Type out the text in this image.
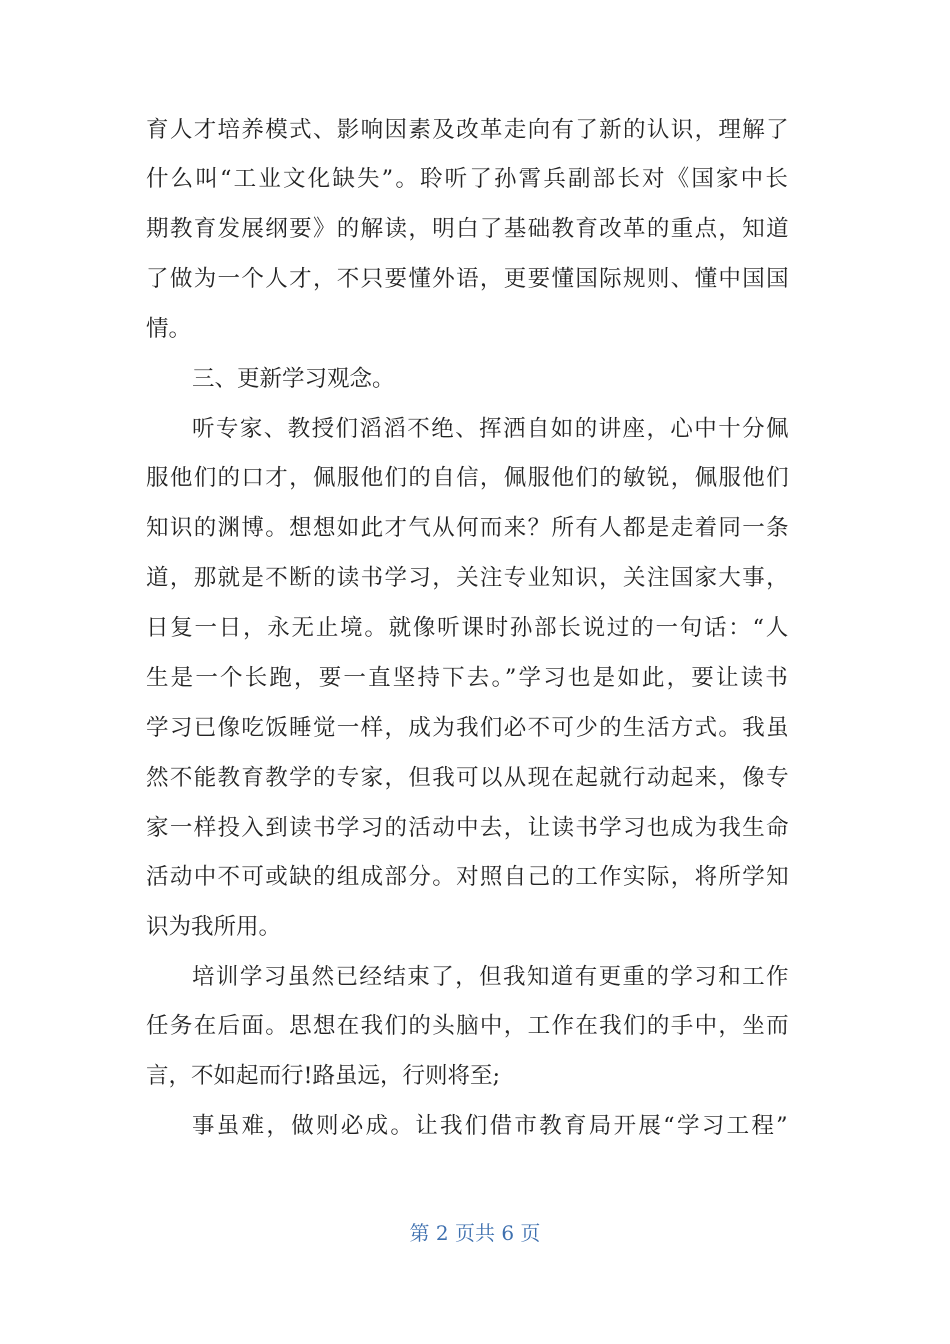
育人才培养模式、影响因素及改革走向有了新的认识，理解了
什么叫“工业文化缺失”。聆听了孙霄兵副部长对《国家中长
期教育发展纲要》的解读，明白了基础教育改革的重点，知道
了做为一个人才，不只要懂外语，更要懂国际规则、懂中国国
情。
三、更新学习观念。
听专家、教授们滔滔不绝、挥洒自如的讲座，心中十分佩
服他们的口才，佩服他们的自信，佩服他们的敏锐，佩服他们
知识的渊博。想想如此才气从何而来？所有人都是走着同一条
道，那就是不断的读书学习，关注专业知识，关注国家大事，
日复一日，永无止境。就像听课时孙部长说过的一句话：“人
生是一个长跑，要一直坚持下去。”学习也是如此，要让读书
学习已像吃饭睡觉一样，成为我们必不可少的生活方式。我虽
然不能教育教学的专家，但我可以从现在起就行动起来，像专
家一样投入到读书学习的活动中去，让读书学习也成为我生命
活动中不可或缺的组成部分。对照自己的工作实际，将所学知
识为我所用。
培训学习虽然已经结束了，但我知道有更重的学习和工作
任务在后面。思想在我们的头脑中，工作在我们的手中，坐而
言，不如起而行!路虽远，行则将至;
事虽难，做则必成。让我们借市教育局开展“学习工程”
第 2 页共 6 页
